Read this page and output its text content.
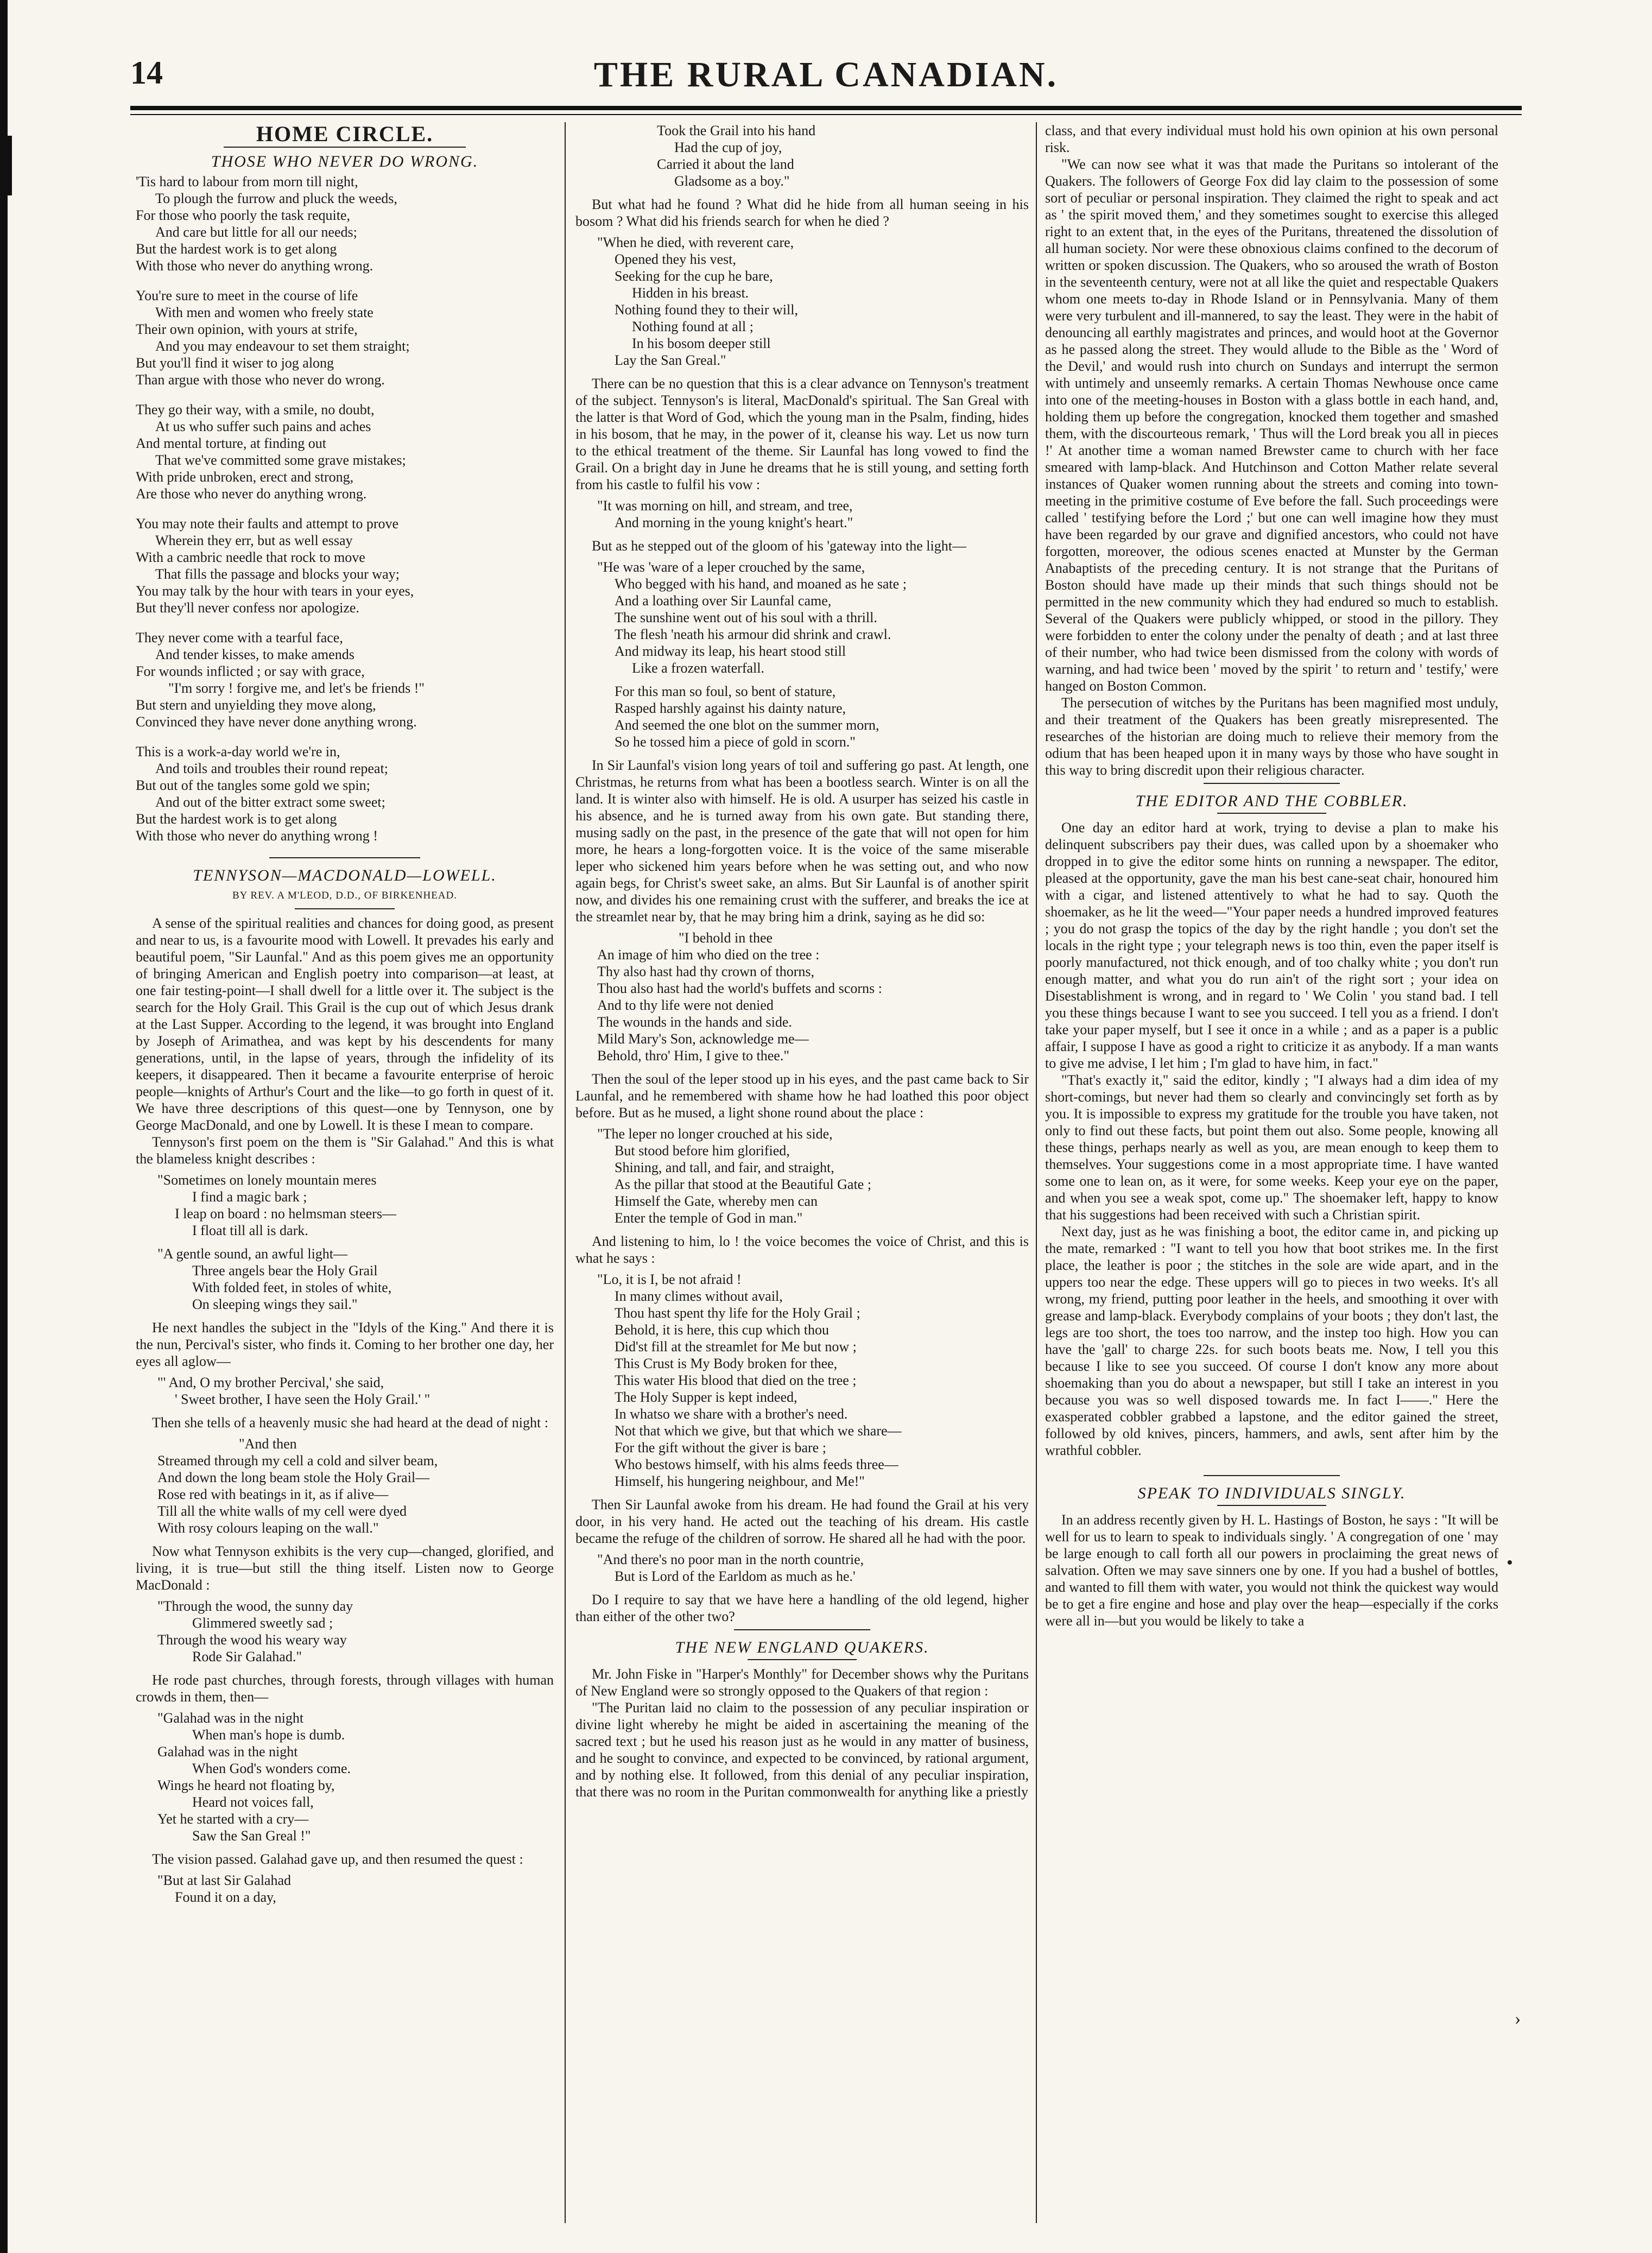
14	THE RURAL CANADIAN.
HOME CIRCLE.
THOSE WHO NEVER DO WRONG.
'Tis hard to labour from morn till night,
To plough the furrow and pluck the weeds,
For those who poorly the task requite,
And care but little for all our needs;
But the hardest work is to get along
With those who never do anything wrong.
You're sure to meet in the course of life
With men and women who freely state
Their own opinion, with yours at strife,
And you may endeavour to set them straight;
But you'll find it wiser to jog along
Than argue with those who never do wrong.
They go their way, with a smile, no doubt,
At us who suffer such pains and aches
And mental torture, at finding out
That we've committed some grave mistakes;
With pride unbroken, erect and strong,
Are those who never do anything wrong.
You may note their faults and attempt to prove
Wherein they err, but as well essay
With a cambric needle that rock to move
That fills the passage and blocks your way;
You may talk by the hour with tears in your eyes,
But they'll never confess nor apologize.
They never come with a tearful face,
And tender kisses, to make amends
For wounds inflicted ; or say with grace,
"I'm sorry ! forgive me, and let's be friends !"
But stern and unyielding they move along,
Convinced they have never done anything wrong.
This is a work-a-day world we're in,
And toils and troubles their round repeat;
But out of the tangles some gold we spin;
And out of the bitter extract some sweet;
But the hardest work is to get along
With those who never do anything wrong !
TENNYSON—MACDONALD—LOWELL.
BY REV. A M'LEOD, D.D., OF BIRKENHEAD.

A sense of the spiritual realities and chances for doing good, as present and near to us, is a favourite mood with Lowell. It prevades his early and beautiful poem, "Sir Launfal." And as this poem gives me an opportunity of bringing American and English poetry into comparison—at least, at one fair testing-point—I shall dwell for a little over it. The subject is the search for the Holy Grail. This Grail is the cup out of which Jesus drank at the Last Supper. According to the legend, it was brought into England by Joseph of Arimathea, and was kept by his descendents for many generations, until, in the lapse of years, through the infidelity of its keepers, it disappeared. Then it became a favourite enterprise of heroic people—knights of Arthur's Court and the like—to go forth in quest of it. We have three descriptions of this quest—one by Tennyson, one by George MacDonald, and one by Lowell. It is these I mean to compare.

Tennyson's first poem on the them is "Sir Galahad." And this is what the blameless knight describes :

"Sometimes on lonely mountain meres
I find a magic bark ;
I leap on board : no helmsman steers—
I float till all is dark.
"A gentle sound, an awful light—
Three angels bear the Holy Grail
With folded feet, in stoles of white,
On sleeping wings they sail."

He next handles the subject in the "Idyls of the King." And there it is the nun, Percival's sister, who finds it. Coming to her brother one day, her eyes all aglow—

"' And, O my brother Percival,' she said,
' Sweet brother, I have seen the Holy Grail.' "

Then she tells of a heavenly music she had heard at the dead of night :

"And then
Streamed through my cell a cold and silver beam,
And down the long beam stole the Holy Grail—
Rose red with beatings in it, as if alive—
Till all the white walls of my cell were dyed
With rosy colours leaping on the wall."

Now what Tennyson exhibits is the very cup—changed, glorified, and living, it is true—but still the thing itself. Listen now to George MacDonald :

"Through the wood, the sunny day
Glimmered sweetly sad ;
Through the wood his weary way
Rode Sir Galahad."

He rode past churches, through forests, through villages with human crowds in them, then—

"Galahad was in the night
When man's hope is dumb.
Galahad was in the night
When God's wonders come.
Wings he heard not floating by,
Heard not voices fall,
Yet he started with a cry—
Saw the San Greal !"

The vision passed. Galahad gave up, and then resumed the quest :

"But at last Sir Galahad
Found it on a day,
Took the Grail into his hand
Had the cup of joy,
Carried it about the land
Gladsome as a boy."

But what had he found ? What did he hide from all human seeing in his bosom ? What did his friends search for when he died ?

"When he died, with reverent care,
Opened they his vest,
Seeking for the cup he bare,
Hidden in his breast.
Nothing found they to their will,
Nothing found at all ;
In his bosom deeper still
Lay the San Greal."

There can be no question that this is a clear advance on Tennyson's treatment of the subject. Tennyson's is literal, MacDonald's spiritual. The San Greal with the latter is that Word of God, which the young man in the Psalm, finding, hides in his bosom, that he may, in the power of it, cleanse his way. Let us now turn to the ethical treatment of the theme. Sir Launfal has long vowed to find the Grail. On a bright day in June he dreams that he is still young, and setting forth from his castle to fulfil his vow :

"It was morning on hill, and stream, and tree,
And morning in the young knight's heart."

But as he stepped out of the gloom of his 'gateway into the light—

"He was 'ware of a leper crouched by the same,
Who begged with his hand, and moaned as he sate ;
And a loathing over Sir Launfal came,
The sunshine went out of his soul with a thrill.
The flesh 'neath his armour did shrink and crawl.
And midway its leap, his heart stood still
Like a frozen waterfall.
For this man so foul, so bent of stature,
Rasped harshly against his dainty nature,
And seemed the one blot on the summer morn,
So he tossed him a piece of gold in scorn."

In Sir Launfal's vision long years of toil and suffering go past. At length, one Christmas, he returns from what has been a bootless search. Winter is on all the land. It is winter also with himself. He is old. A usurper has seized his castle in his absence, and he is turned away from his own gate. But standing there, musing sadly on the past, in the presence of the gate that will not open for him more, he hears a long-forgotten voice. It is the voice of the same miserable leper who sickened him years before when he was setting out, and who now again begs, for Christ's sweet sake, an alms. But Sir Launfal is of another spirit now, and divides his one remaining crust with the sufferer, and breaks the ice at the streamlet near by, that he may bring him a drink, saying as he did so:

"I behold in thee
An image of him who died on the tree :
Thy also hast had thy crown of thorns,
Thou also hast had the world's buffets and scorns :
And to thy life were not denied
The wounds in the hands and side.
Mild Mary's Son, acknowledge me—
Behold, thro' Him, I give to thee."

Then the soul of the leper stood up in his eyes, and the past came back to Sir Launfal, and he remembered with shame how he had loathed this poor object before. But as he mused, a light shone round about the place :

"The leper no longer crouched at his side,
But stood before him glorified,
Shining, and tall, and fair, and straight,
As the pillar that stood at the Beautiful Gate ;
Himself the Gate, whereby men can
Enter the temple of God in man."

And listening to him, lo ! the voice becomes the voice of Christ, and this is what he says :

"Lo, it is I, be not afraid !
In many climes without avail,
Thou hast spent thy life for the Holy Grail ;
Behold, it is here, this cup which thou
Did'st fill at the streamlet for Me but now ;
This Crust is My Body broken for thee,
This water His blood that died on the tree ;
The Holy Supper is kept indeed,
In whatso we share with a brother's need.
Not that which we give, but that which we share—
For the gift without the giver is bare ;
Who bestows himself, with his alms feeds three—
Himself, his hungering neighbour, and Me!"

Then Sir Launfal awoke from his dream. He had found the Grail at his very door, in his very hand. He acted out the teaching of his dream. His castle became the refuge of the children of sorrow. He shared all he had with the poor.

"And there's no poor man in the north countrie,
But is Lord of the Earldom as much as he.'

Do I require to say that we have here a handling of the old legend, higher than either of the other two?

THE NEW ENGLAND QUAKERS.

Mr. John Fiske in "Harper's Monthly" for December shows why the Puritans of New England were so strongly opposed to the Quakers of that region :

"The Puritan laid no claim to the possession of any peculiar inspiration or divine light whereby he might be aided in ascertaining the meaning of the sacred text ; but he used his reason just as he would in any matter of business, and he sought to convince, and expected to be convinced, by rational argument, and by nothing else. It followed, from this denial of any peculiar inspiration, that there was no room in the Puritan commonwealth for anything like a priestly

class, and that every individual must hold his own opinion at his own personal risk.

"We can now see what it was that made the Puritans so intolerant of the Quakers. The followers of George Fox did lay claim to the possession of some sort of peculiar or personal inspiration. They claimed the right to speak and act as ' the spirit moved them,' and they sometimes sought to exercise this alleged right to an extent that, in the eyes of the Puritans, threatened the dissolution of all human society. Nor were these obnoxious claims confined to the decorum of written or spoken discussion. The Quakers, who so aroused the wrath of Boston in the seventeenth century, were not at all like the quiet and respectable Quakers whom one meets to-day in Rhode Island or in Pennsylvania. Many of them were very turbulent and ill-mannered, to say the least. They were in the habit of denouncing all earthly magistrates and princes, and would hoot at the Governor as he passed along the street. They would allude to the Bible as the ' Word of the Devil,' and would rush into church on Sundays and interrupt the sermon with untimely and unseemly remarks. A certain Thomas Newhouse once came into one of the meeting-houses in Boston with a glass bottle in each hand, and, holding them up before the congregation, knocked them together and smashed them, with the discourteous remark, ' Thus will the Lord break you all in pieces !' At another time a woman named Brewster came to church with her face smeared with lamp-black. And Hutchinson and Cotton Mather relate several instances of Quaker women running about the streets and coming into town-meeting in the primitive costume of Eve before the fall. Such proceedings were called ' testifying before the Lord ;' but one can well imagine how they must have been regarded by our grave and dignified ancestors, who could not have forgotten, moreover, the odious scenes enacted at Munster by the German Anabaptists of the preceding century. It is not strange that the Puritans of Boston should have made up their minds that such things should not be permitted in the new community which they had endured so much to establish. Several of the Quakers were publicly whipped, or stood in the pillory. They were forbidden to enter the colony under the penalty of death ; and at last three of their number, who had twice been dismissed from the colony with words of warning, and had twice been ' moved by the spirit ' to return and ' testify,' were hanged on Boston Common.

The persecution of witches by the Puritans has been magnified most unduly, and their treatment of the Quakers has been greatly misrepresented. The researches of the historian are doing much to relieve their memory from the odium that has been heaped upon it in many ways by those who have sought in this way to bring discredit upon their religious character.

THE EDITOR AND THE COBBLER.

One day an editor hard at work, trying to devise a plan to make his delinquent subscribers pay their dues, was called upon by a shoemaker who dropped in to give the editor some hints on running a newspaper. The editor, pleased at the opportunity, gave the man his best cane-seat chair, honoured him with a cigar, and listened attentively to what he had to say. Quoth the shoemaker, as he lit the weed—"Your paper needs a hundred improved features ; you do not grasp the topics of the day by the right handle ; you don't set the locals in the right type ; your telegraph news is too thin, even the paper itself is poorly manufactured, not thick enough, and of too chalky white ; you don't run enough matter, and what you do run ain't of the right sort ; your idea on Disestablishment is wrong, and in regard to ' We Colin ' you stand bad. I tell you these things because I want to see you succeed. I tell you as a friend. I don't take your paper myself, but I see it once in a while ; and as a paper is a public affair, I suppose I have as good a right to criticize it as anybody. If a man wants to give me advise, I let him ; I'm glad to have him, in fact."

"That's exactly it," said the editor, kindly ; "I always had a dim idea of my short-comings, but never had them so clearly and convincingly set forth as by you. It is impossible to express my gratitude for the trouble you have taken, not only to find out these facts, but point them out also. Some people, knowing all these things, perhaps nearly as well as you, are mean enough to keep them to themselves. Your suggestions come in a most appropriate time. I have wanted some one to lean on, as it were, for some weeks. Keep your eye on the paper, and when you see a weak spot, come up." The shoemaker left, happy to know that his suggestions had been received with such a Christian spirit.

Next day, just as he was finishing a boot, the editor came in, and picking up the mate, remarked : "I want to tell you how that boot strikes me. In the first place, the leather is poor ; the stitches in the sole are wide apart, and in the uppers too near the edge. These uppers will go to pieces in two weeks. It's all wrong, my friend, putting poor leather in the heels, and smoothing it over with grease and lamp-black. Everybody complains of your boots ; they don't last, the legs are too short, the toes too narrow, and the instep too high. How you can have the 'gall' to charge 22s. for such boots beats me. Now, I tell you this because I like to see you succeed. Of course I don't know any more about shoemaking than you do about a newspaper, but still I take an interest in you because you was so well disposed towards me. In fact I——." Here the exasperated cobbler grabbed a lapstone, and the editor gained the street, followed by old knives, pincers, hammers, and awls, sent after him by the wrathful cobbler.

SPEAK TO INDIVIDUALS SINGLY.

In an address recently given by H. L. Hastings of Boston, he says : "It will be well for us to learn to speak to individuals singly. ' A congregation of one ' may be large enough to call forth all our powers in proclaiming the great news of salvation. Often we may save sinners one by one. If you had a bushel of bottles, and wanted to fill them with water, you would not think the quickest way would be to get a fire engine and hose and play over the heap—especially if the corks were all in—but you would be likely to take a

•
›
